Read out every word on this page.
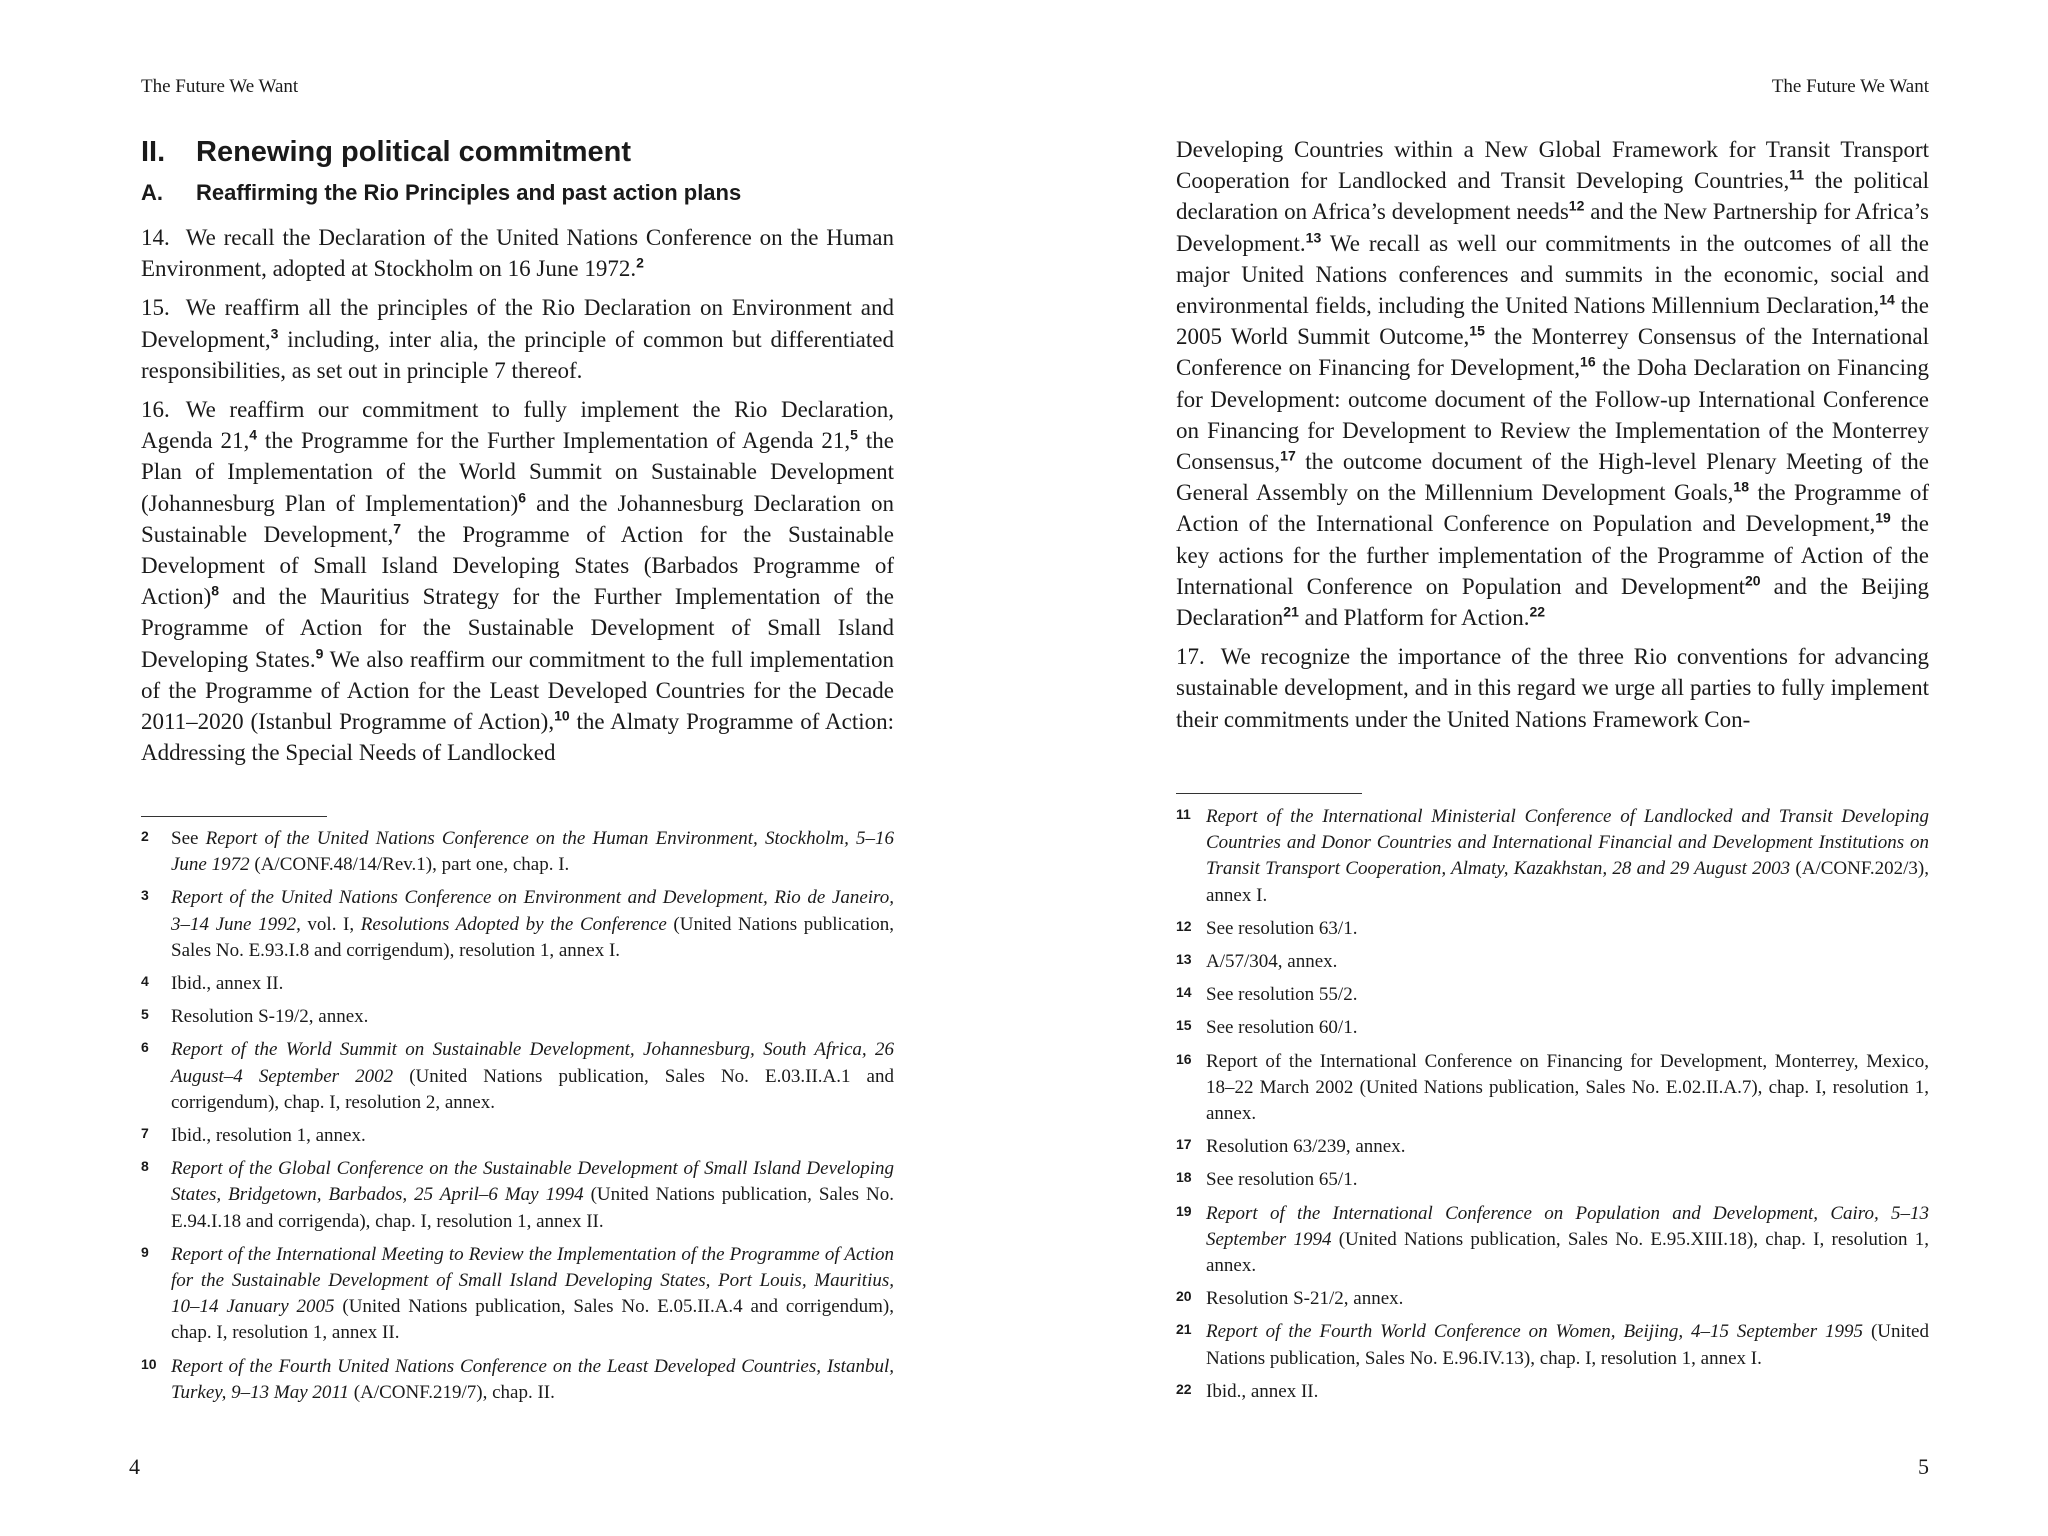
The Future We Want
II.	Renewing political commitment
A.	Reaffirming the Rio Principles and past action plans

14. We recall the Declaration of the United Nations Conference on the Human Environment, adopted at Stockholm on 16 June 1972.$^2$

15. We reaffirm all the principles of the Rio Declaration on Environment and Development,$^3$ including, inter alia, the principle of common but differentiated responsibilities, as set out in principle 7 thereof.

16. We reaffirm our commitment to fully implement the Rio Declaration, Agenda 21,$^4$ the Programme for the Further Implementation of Agenda 21,$^5$ the Plan of Implementation of the World Summit on Sustainable Development (Johannesburg Plan of Implementation)$^6$ and the Johannesburg Declaration on Sustainable Development,$^7$ the Programme of Action for the Sustainable Development of Small Island Developing States (Barbados Programme of Action)$^8$ and the Mauritius Strategy for the Further Implementation of the Programme of Action for the Sustainable Development of Small Island Developing States.$^9$ We also reaffirm our commitment to the full implementation of the Programme of Action for the Least Developed Countries for the Decade 2011–2020 (Istanbul Programme of Action),$^{10}$ the Almaty Programme of Action: Addressing the Special Needs of Landlocked

2	See Report of the United Nations Conference on the Human Environment, Stockholm, 5–16 June 1972 (A/CONF.48/14/Rev.1), part one, chap. I.
3	Report of the United Nations Conference on Environment and Development, Rio de Janeiro, 3–14 June 1992, vol. I, Resolutions Adopted by the Conference (United Nations publication, Sales No. E.93.I.8 and corrigendum), resolution 1, annex I.
4	Ibid., annex II.
5	Resolution S-19/2, annex.
6	Report of the World Summit on Sustainable Development, Johannesburg, South Africa, 26 August–4 September 2002 (United Nations publication, Sales No. E.03.II.A.1 and corrigendum), chap. I, resolution 2, annex.
7	Ibid., resolution 1, annex.
8	Report of the Global Conference on the Sustainable Development of Small Island Developing States, Bridgetown, Barbados, 25 April–6 May 1994 (United Nations publication, Sales No. E.94.I.18 and corrigenda), chap. I, resolution 1, annex II.
9	Report of the International Meeting to Review the Implementation of the Programme of Action for the Sustainable Development of Small Island Developing States, Port Louis, Mauritius, 10–14 January 2005 (United Nations publication, Sales No. E.05.II.A.4 and corrigendum), chap. I, resolution 1, annex II.
10 Report of the Fourth United Nations Conference on the Least Developed Countries, Istanbul, Turkey, 9–13 May 2011 (A/CONF.219/7), chap. II.
4
The Future We Want

Developing Countries within a New Global Framework for Transit Transport Cooperation for Landlocked and Transit Developing Countries,$^{11}$ the political declaration on Africa’s development needs$^{12}$ and the New Partnership for Africa’s Development.$^{13}$ We recall as well our commitments in the outcomes of all the major United Nations conferences and summits in the economic, social and environmental fields, including the United Nations Millennium Declaration,$^{14}$ the 2005 World Summit Outcome,$^{15}$ the Monterrey Consensus of the International Conference on Financing for Development,$^{16}$ the Doha Declaration on Financing for Development: outcome document of the Follow-up International Conference on Financing for Development to Review the Implementation of the Monterrey Consensus,$^{17}$ the outcome document of the High-level Plenary Meeting of the General Assembly on the Millennium Development Goals,$^{18}$ the Programme of Action of the International Conference on Population and Development,$^{19}$ the key actions for the further implementation of the Programme of Action of the International Conference on Population and Development$^{20}$ and the Beijing Declaration$^{21}$ and Platform for Action.$^{22}$

17. We recognize the importance of the three Rio conventions for advancing sustainable development, and in this regard we urge all parties to fully implement their commitments under the United Nations Framework Con-

11 Report of the International Ministerial Conference of Landlocked and Transit Developing Countries and Donor Countries and International Financial and Development Institutions on Transit Transport Cooperation, Almaty, Kazakhstan, 28 and 29 August 2003 (A/CONF.202/3), annex I.
12 See resolution 63/1.
13 A/57/304, annex.
14 See resolution 55/2.
15 See resolution 60/1.
16 Report of the International Conference on Financing for Development, Monterrey, Mexico, 18–22 March 2002 (United Nations publication, Sales No. E.02.II.A.7), chap. I, resolution 1, annex.
17 Resolution 63/239, annex.
18 See resolution 65/1.
19 Report of the International Conference on Population and Development, Cairo, 5–13 September 1994 (United Nations publication, Sales No. E.95.XIII.18), chap. I, resolution 1, annex.
20 Resolution S-21/2, annex.
21 Report of the Fourth World Conference on Women, Beijing, 4–15 September 1995 (United Nations publication, Sales No. E.96.IV.13), chap. I, resolution 1, annex I.
22 Ibid., annex II.
5
